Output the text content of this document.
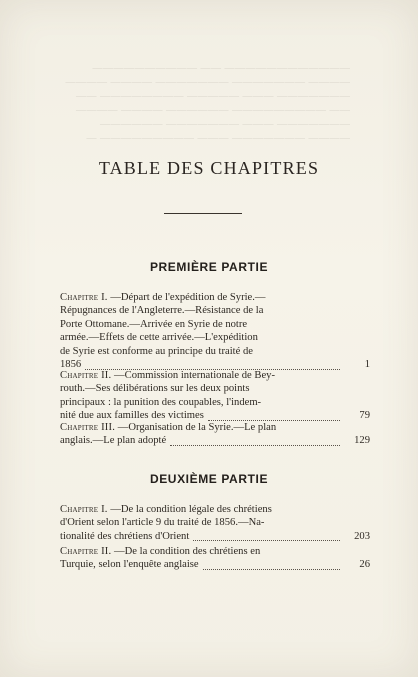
———————————— —— ——————————
———— ——————— ——————— ———— ————
——————— ——— ————— ———————— ——
—— ————————— —————— ———— ————
——————— ——— ——————— ——————
———— ——————— ——— ————————— —
TABLE DES CHAPITRES
PREMIÈRE PARTIE
Chapitre I. —Départ de l'expédition de Syrie.—
Répugnances de l'Angleterre.—Résistance de la
Porte Ottomane.—Arrivée en Syrie de notre
armée.—Effets de cette arrivée.—L'expédition
de Syrie est conforme au principe du traité de
1856	1
Chapitre II. —Commission internationale de Bey-
routh.—Ses délibérations sur les deux points
principaux : la punition des coupables, l'indem-
nité due aux familles des victimes	79
Chapitre III. —Organisation de la Syrie.—Le plan
anglais.—Le plan adopté	129
DEUXIÈME PARTIE
Chapitre I. —De la condition légale des chrétiens
d'Orient selon l'article 9 du traité de 1856.—Na-
tionalité des chrétiens d'Orient	203
Chapitre II. —De la condition des chrétiens en
Turquie, selon l'enquête anglaise	26
